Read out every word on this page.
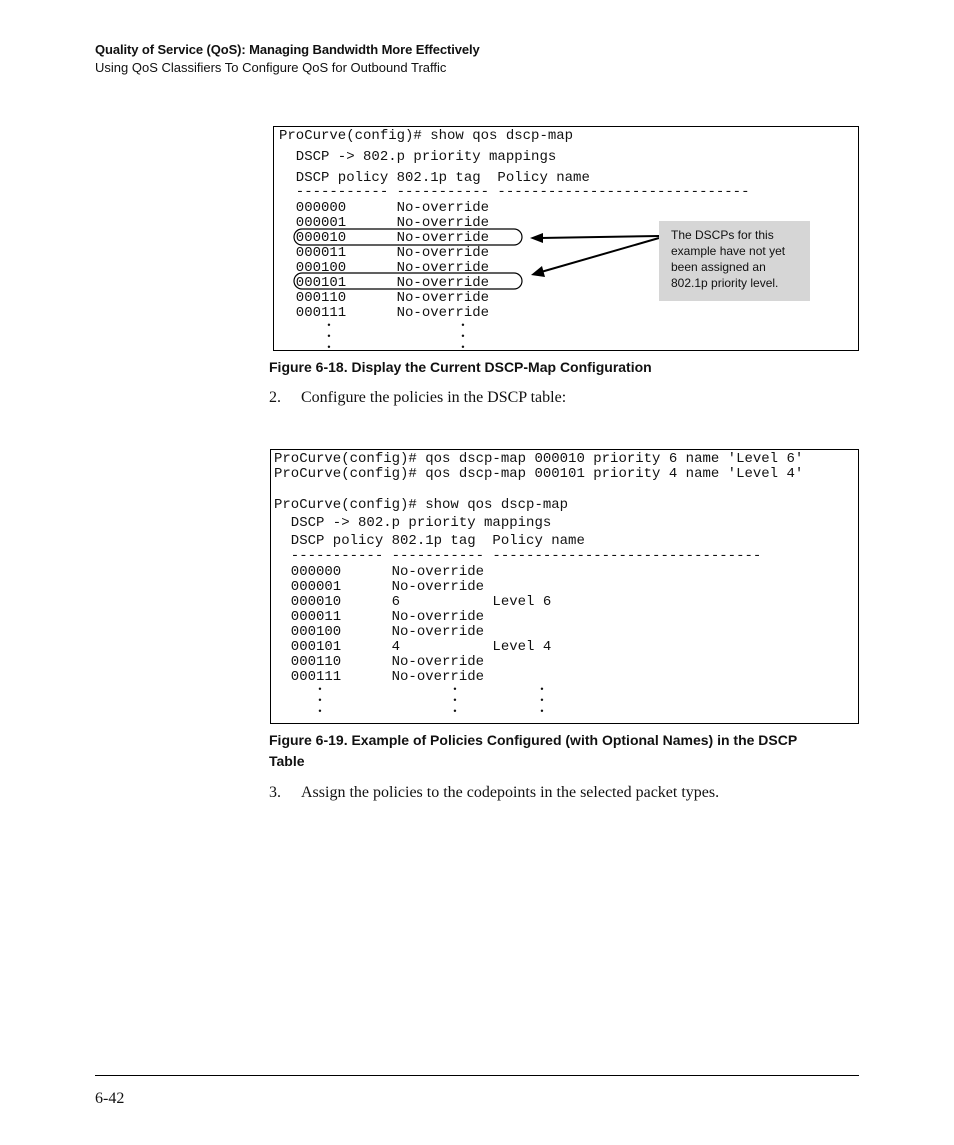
Quality of Service (QoS): Managing Bandwidth More Effectively
Using QoS Classifiers To Configure QoS for Outbound Traffic
ProCurve(config)# show qos dscp-map
DSCP -> 802.p priority mappings
DSCP policy 802.1p tag  Policy name
----------- ----------- ------------------------------
000000      No-override
000001      No-override
000010      No-override
000011      No-override
000100      No-override
000101      No-override
000110      No-override
000111      No-override
•
•
•
•
•
•
The DSCPs for this example have not yet been assigned an 802.1p priority level.
Figure 6-18. Display the Current DSCP-Map Configuration
2. Configure the policies in the DSCP table:
ProCurve(config)# qos dscp-map 000010 priority 6 name 'Level 6'
ProCurve(config)# qos dscp-map 000101 priority 4 name 'Level 4'
ProCurve(config)# show qos dscp-map
DSCP -> 802.p priority mappings
DSCP policy 802.1p tag  Policy name
----------- ----------- --------------------------------
000000      No-override
000001      No-override
000010      6           Level 6
000011      No-override
000100      No-override
000101      4           Level 4
000110      No-override
000111      No-override
•
•
•
•
•
•
•
•
•
Figure 6-19. Example of Policies Configured (with Optional Names) in the DSCP
Table
3. Assign the policies to the codepoints in the selected packet types.
6-42
